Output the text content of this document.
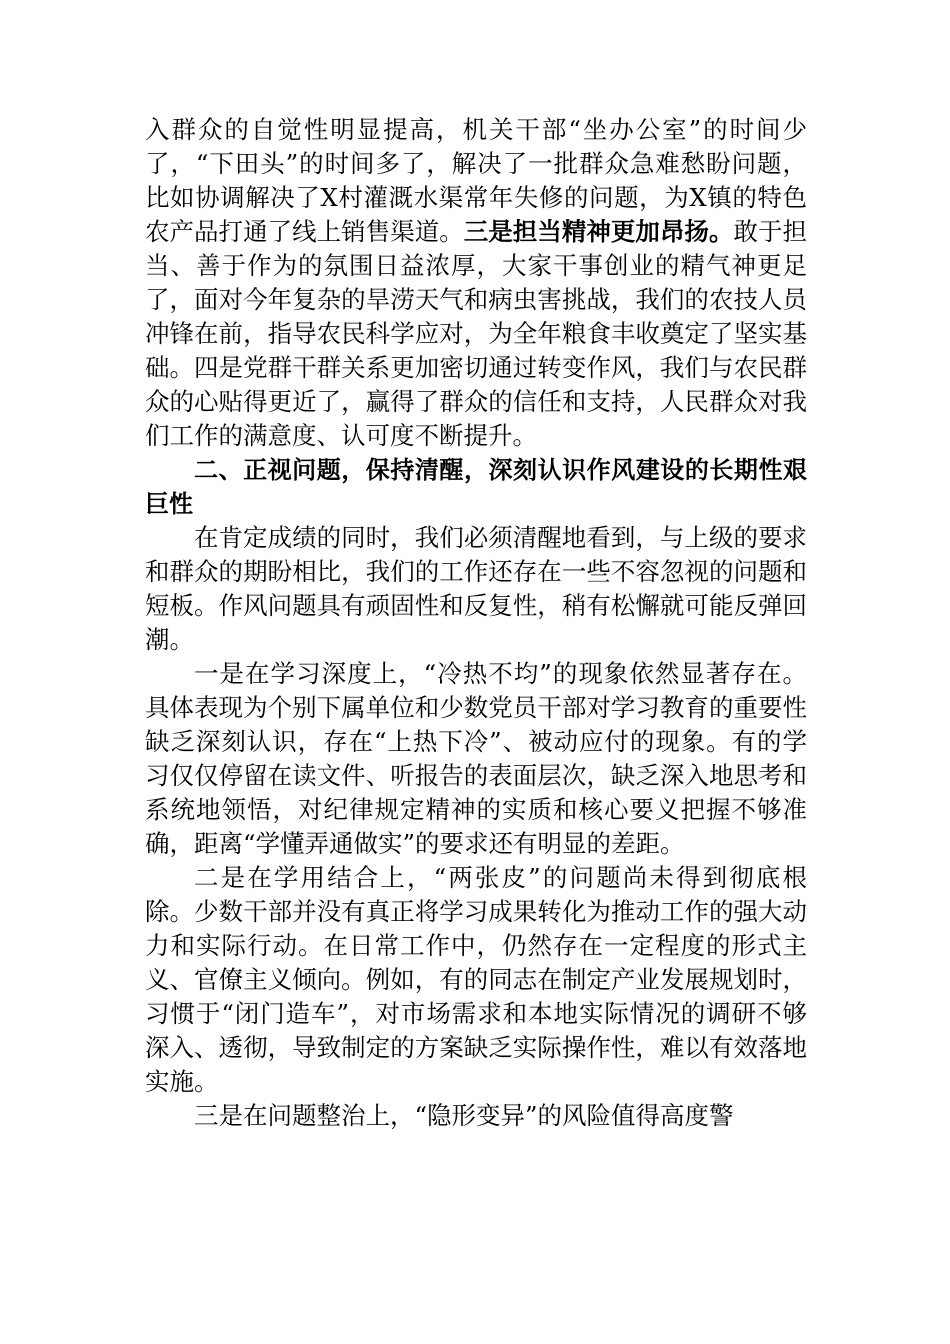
入群众的自觉性明显提高，机关干部“坐办公室”的时间少了，“下田头”的时间多了，解决了一批群众急难愁盼问题，比如协调解决了X村灌溉水渠常年失修的问题，为X镇的特色农产品打通了线上销售渠道。三是担当精神更加昂扬。敢于担当、善于作为的氛围日益浓厚，大家干事创业的精气神更足了，面对今年复杂的旱涝天气和病虫害挑战，我们的农技人员冲锋在前，指导农民科学应对，为全年粮食丰收奠定了坚实基础。四是党群干群关系更加密切通过转变作风，我们与农民群众的心贴得更近了，赢得了群众的信任和支持，人民群众对我们工作的满意度、认可度不断提升。

二、正视问题，保持清醒，深刻认识作风建设的长期性艰巨性

在肯定成绩的同时，我们必须清醒地看到，与上级的要求和群众的期盼相比，我们的工作还存在一些不容忽视的问题和短板。作风问题具有顽固性和反复性，稍有松懈就可能反弹回潮。

一是在学习深度上，“冷热不均”的现象依然显著存在。具体表现为个别下属单位和少数党员干部对学习教育的重要性缺乏深刻认识，存在“上热下冷”、被动应付的现象。有的学习仅仅停留在读文件、听报告的表面层次，缺乏深入地思考和系统地领悟，对纪律规定精神的实质和核心要义把握不够准确，距离“学懂弄通做实”的要求还有明显的差距。

二是在学用结合上，“两张皮”的问题尚未得到彻底根除。少数干部并没有真正将学习成果转化为推动工作的强大动力和实际行动。在日常工作中，仍然存在一定程度的形式主义、官僚主义倾向。例如，有的同志在制定产业发展规划时，习惯于“闭门造车”，对市场需求和本地实际情况的调研不够深入、透彻，导致制定的方案缺乏实际操作性，难以有效落地实施。

三是在问题整治上，“隐形变异”的风险值得高度警
